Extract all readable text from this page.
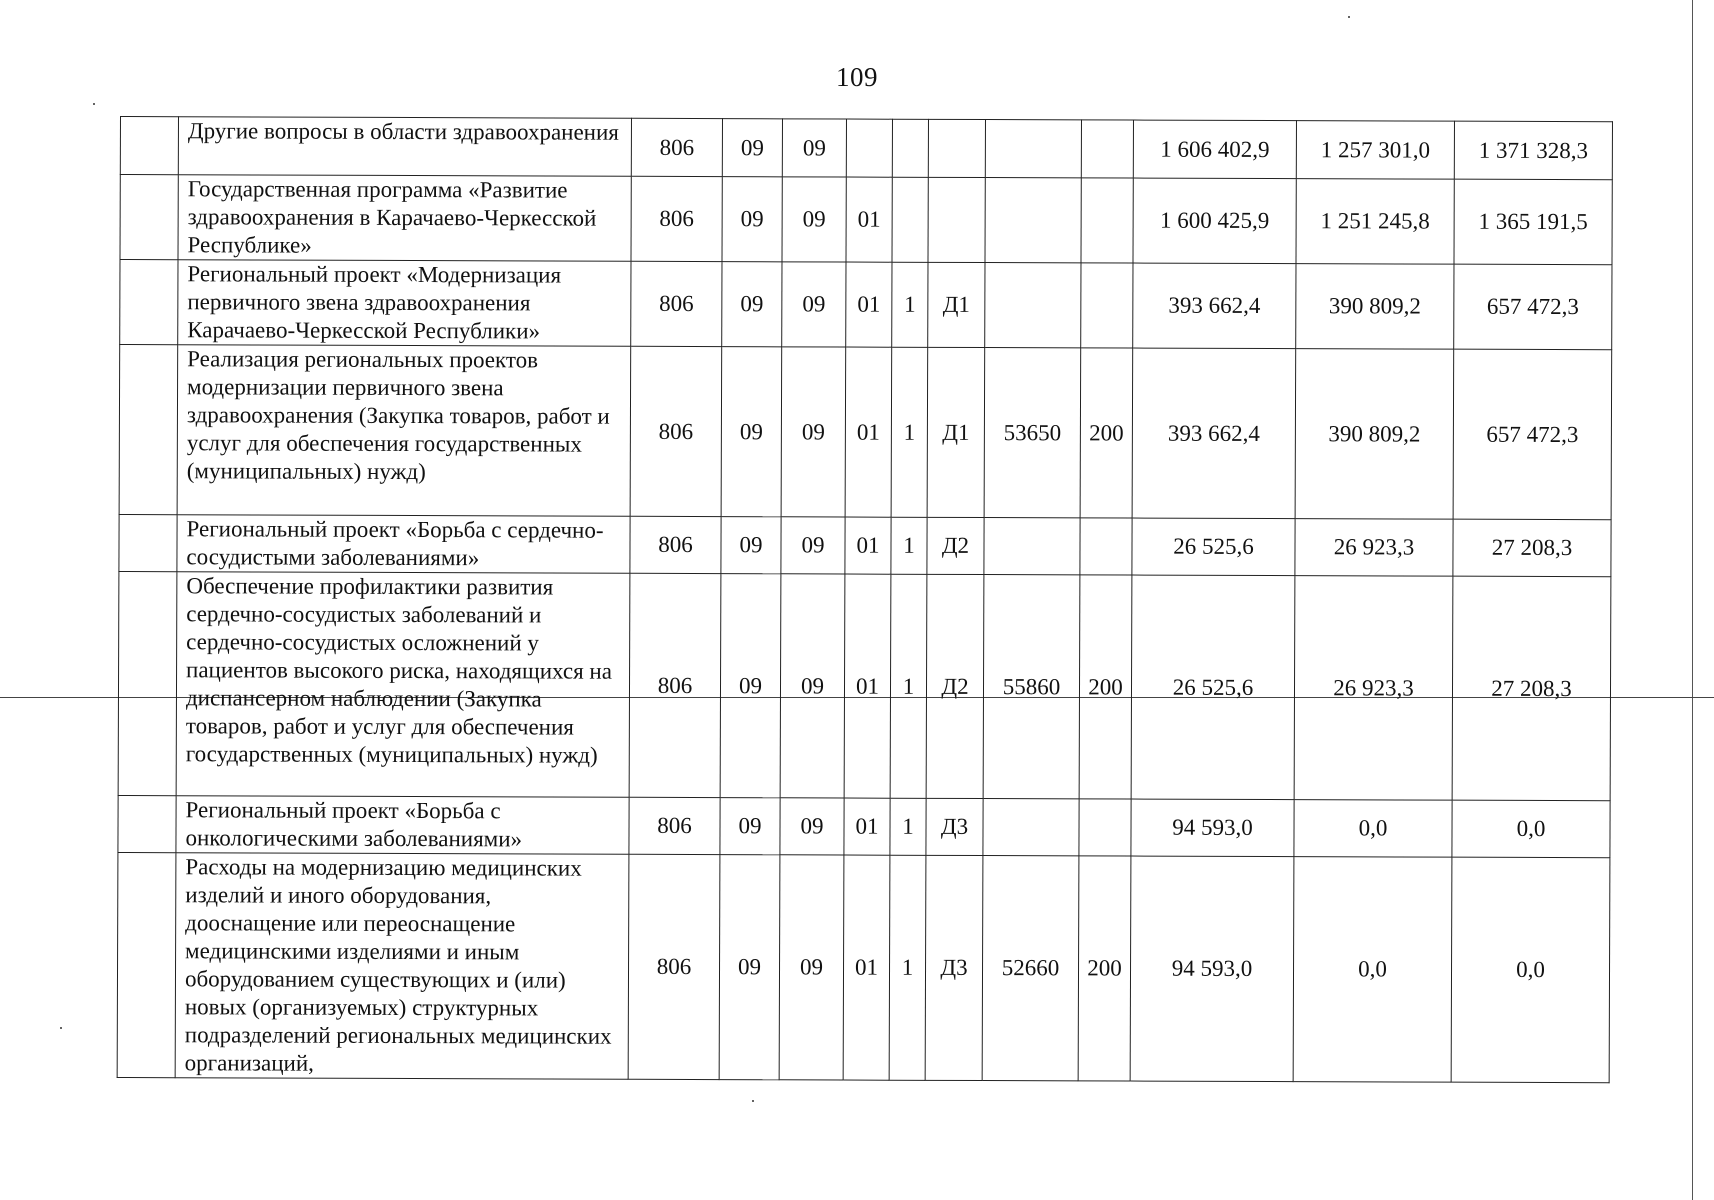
109
	Другие вопросы в области здравоохранения	806	09	09						1 606 402,9	1 257 301,0	1 371 328,3
	Государственная программа «Развитие здравоохранения в Карачаево-Черкесской Республике»	806	09	09	01					1 600 425,9	1 251 245,8	1 365 191,5
	Региональный проект «Модернизация первичного звена здравоохранения Карачаево-Черкесской Республики»	806	09	09	01	1	Д1			393 662,4	390 809,2	657 472,3
	Реализация региональных проектов модернизации первичного звена здравоохранения (Закупка товаров, работ и услуг для обеспечения государственных (муниципальных) нужд)	806	09	09	01	1	Д1	53650	200	393 662,4	390 809,2	657 472,3
	Региональный проект «Борьба с сердечно-сосудистыми заболеваниями»	806	09	09	01	1	Д2			26 525,6	26 923,3	27 208,3
	Обеспечение профилактики развития сердечно-сосудистых заболеваний и сердечно-сосудистых осложнений у пациентов высокого риска, находящихся на диспансерном наблюдении (Закупка товаров, работ и услуг для обеспечения государственных (муниципальных) нужд)	806	09	09	01	1	Д2	55860	200	26 525,6	26 923,3	27 208,3
	Региональный проект «Борьба с онкологическими заболеваниями»	806	09	09	01	1	Д3			94 593,0	0,0	0,0
	Расходы на модернизацию медицинских изделий и иного оборудования, дооснащение или переоснащение медицинскими изделиями и иным оборудованием существующих и (или) новых (организуемых) структурных подразделений региональных медицинских организаций,	806	09	09	01	1	Д3	52660	200	94 593,0	0,0	0,0
